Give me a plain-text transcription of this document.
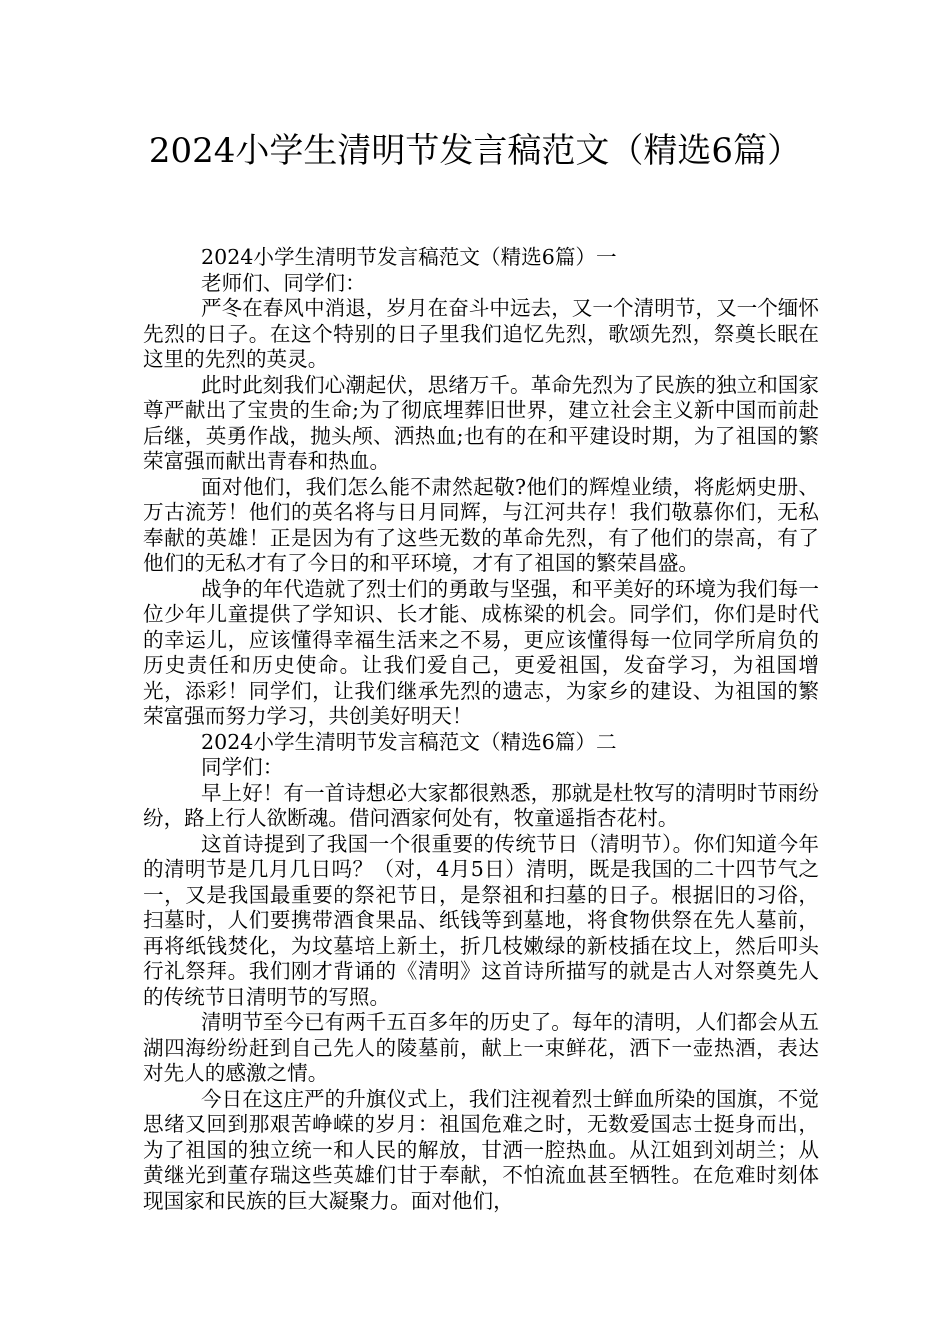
2024小学生清明节发言稿范文（精选6篇）

2024小学生清明节发言稿范文（精选6篇）一

老师们、同学们：

严冬在春风中消退，岁月在奋斗中远去，又一个清明节，又一个缅怀先烈的日子。在这个特别的日子里我们追忆先烈，歌颂先烈，祭奠长眠在这里的先烈的英灵。

此时此刻我们心潮起伏，思绪万千。革命先烈为了民族的独立和国家尊严献出了宝贵的生命;为了彻底埋葬旧世界，建立社会主义新中国而前赴后继，英勇作战，抛头颅、洒热血;也有的在和平建设时期，为了祖国的繁荣富强而献出青春和热血。

面对他们，我们怎么能不肃然起敬?他们的辉煌业绩，将彪炳史册、万古流芳！他们的英名将与日月同辉，与江河共存！我们敬慕你们，无私奉献的英雄！正是因为有了这些无数的革命先烈，有了他们的崇高，有了他们的无私才有了今日的和平环境，才有了祖国的繁荣昌盛。

战争的年代造就了烈士们的勇敢与坚强，和平美好的环境为我们每一位少年儿童提供了学知识、长才能、成栋梁的机会。同学们，你们是时代的幸运儿，应该懂得幸福生活来之不易，更应该懂得每一位同学所肩负的历史责任和历史使命。让我们爱自己，更爱祖国，发奋学习，为祖国增光，添彩！同学们，让我们继承先烈的遗志，为家乡的建设、为祖国的繁荣富强而努力学习，共创美好明天！

2024小学生清明节发言稿范文（精选6篇）二

同学们：

早上好！有一首诗想必大家都很熟悉，那就是杜牧写的清明时节雨纷纷，路上行人欲断魂。借问酒家何处有，牧童遥指杏花村。

这首诗提到了我国一个很重要的传统节日（清明节）。你们知道今年的清明节是几月几日吗？（对，4月5日）清明，既是我国的二十四节气之一，又是我国最重要的祭祀节日，是祭祖和扫墓的日子。根据旧的习俗，扫墓时，人们要携带酒食果品、纸钱等到墓地，将食物供祭在先人墓前，再将纸钱焚化，为坟墓培上新土，折几枝嫩绿的新枝插在坟上，然后叩头行礼祭拜。我们刚才背诵的《清明》这首诗所描写的就是古人对祭奠先人的传统节日清明节的写照。

清明节至今已有两千五百多年的历史了。每年的清明，人们都会从五湖四海纷纷赶到自己先人的陵墓前，献上一束鲜花，洒下一壶热酒，表达对先人的感激之情。

今日在这庄严的升旗仪式上，我们注视着烈士鲜血所染的国旗，不觉思绪又回到那艰苦峥嵘的岁月：祖国危难之时，无数爱国志士挺身而出，为了祖国的独立统一和人民的解放，甘洒一腔热血。从江姐到刘胡兰；从黄继光到董存瑞这些英雄们甘于奉献，不怕流血甚至牺牲。在危难时刻体现国家和民族的巨大凝聚力。面对他们，
